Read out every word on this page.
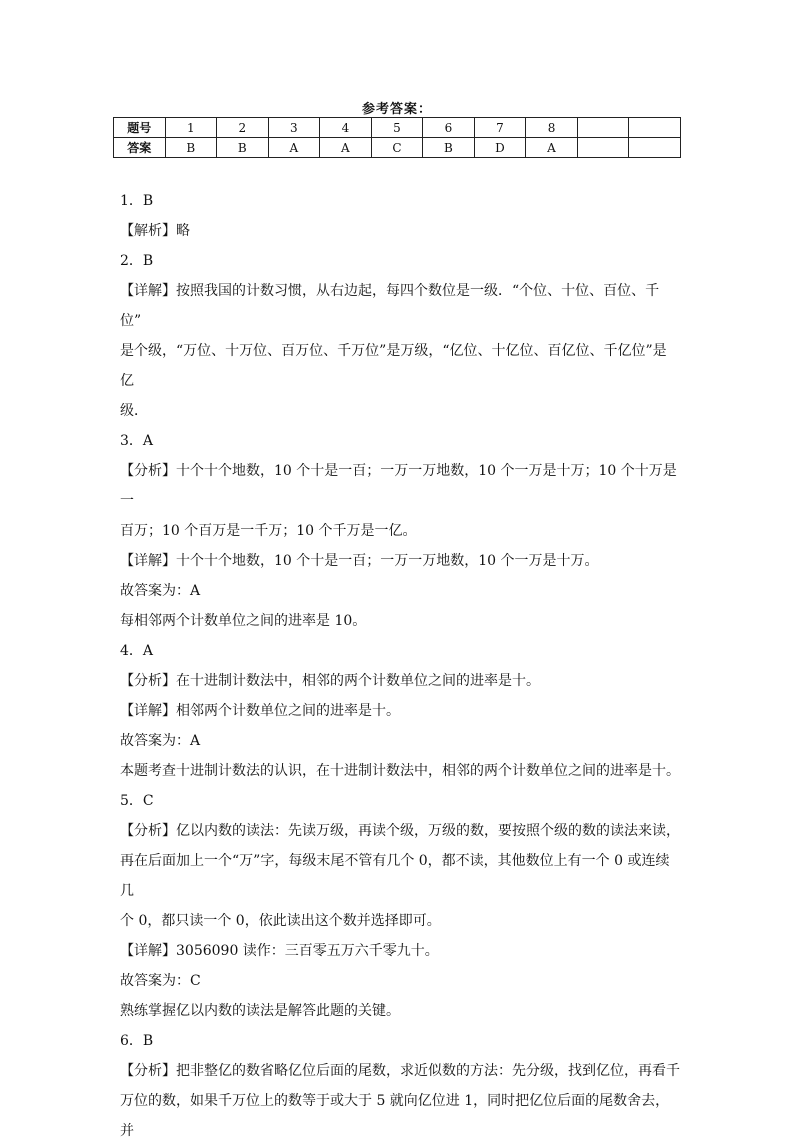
参考答案：
题号	1	2	3	4	5	6	7	8		
答案	B	B	A	A	C	B	D	A		
1．B
【解析】略
2．B
【详解】按照我国的计数习惯，从右边起，每四个数位是一级．“个位、十位、百位、千位”
是个级，“万位、十万位、百万位、千万位”是万级，“亿位、十亿位、百亿位、千亿位”是亿
级．
3．A
【分析】十个十个地数，10 个十是一百；一万一万地数，10 个一万是十万；10 个十万是一
百万；10 个百万是一千万；10 个千万是一亿。
【详解】十个十个地数，10 个十是一百；一万一万地数，10 个一万是十万。
故答案为：A
每相邻两个计数单位之间的进率是 10。
4．A
【分析】在十进制计数法中，相邻的两个计数单位之间的进率是十。
【详解】相邻两个计数单位之间的进率是十。
故答案为：A
本题考查十进制计数法的认识，在十进制计数法中，相邻的两个计数单位之间的进率是十。
5．C
【分析】亿以内数的读法：先读万级，再读个级，万级的数，要按照个级的数的读法来读，
再在后面加上一个“万”字，每级末尾不管有几个 0，都不读，其他数位上有一个 0 或连续几
个 0，都只读一个 0，依此读出这个数并选择即可。
【详解】3056090 读作：三百零五万六千零九十。
故答案为：C
熟练掌握亿以内数的读法是解答此题的关键。
6．B
【分析】把非整亿的数省略亿位后面的尾数，求近似数的方法：先分级，找到亿位，再看千
万位的数，如果千万位上的数等于或大于 5 就向亿位进 1，同时把亿位后面的尾数舍去，并
